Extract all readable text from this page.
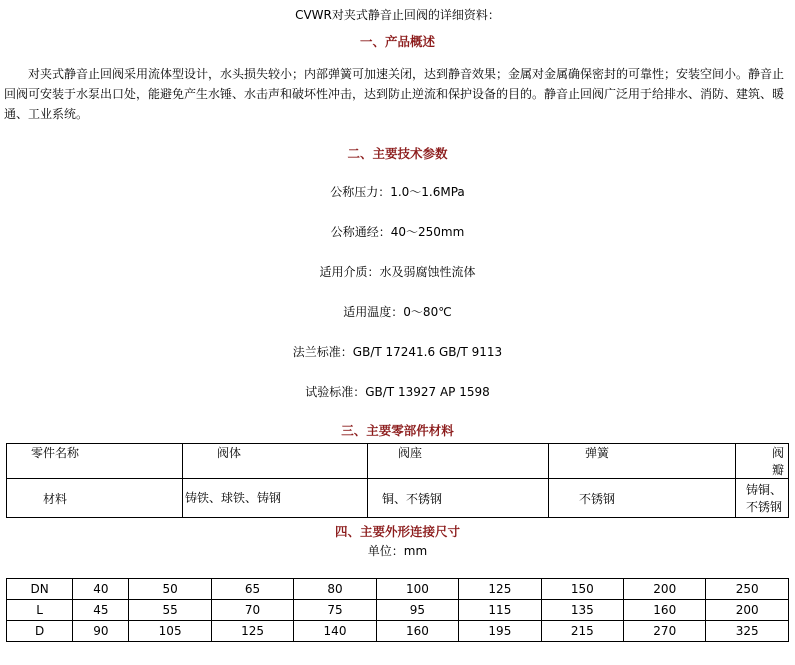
CVWR对夹式静音止回阀的详细资料：
一、产品概述
对夹式静音止回阀采用流体型设计，水头损失较小；内部弹簧可加速关闭，达到静音效果；金属对金属确保密封的可靠性；安装空间小。静音止回阀可安装于水泵出口处，能避免产生水锤、水击声和破坏性冲击，达到防止逆流和保护设备的目的。静音止回阀广泛用于给排水、消防、建筑、暖通、工业系统。
二、主要技术参数
公称压力：1.0～1.6MPa
公称通经：40～250mm
适用介质：水及弱腐蚀性流体
适用温度：0～80℃
法兰标准：GB/T 17241.6 GB/T 9113
试验标准：GB/T 13927 AP 1598
三、主要零部件材料
零件名称	阀体	阀座	弹簧	阀瓣
材料	铸铁、球铁、铸钢	铜、不锈钢	不锈钢	铸铜、不锈钢
四、主要外形连接尺寸
单位：mm
DN	40	50	65	80	100	125	150	200	250
L	45	55	70	75	95	115	135	160	200
D	90	105	125	140	160	195	215	270	325
